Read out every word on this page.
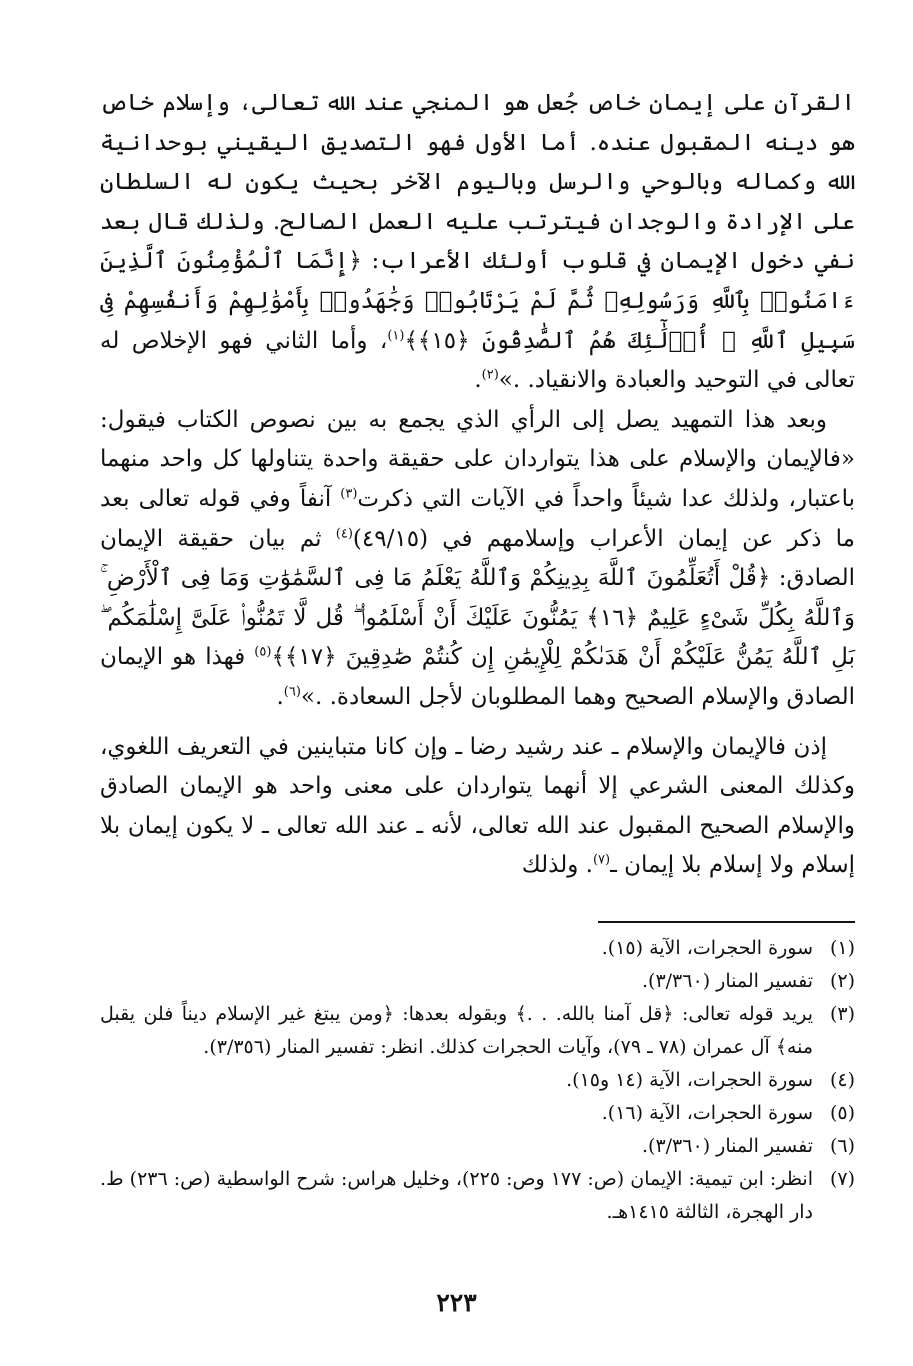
القرآن على إيمان خاص جُعل هو المنجي عند الله تعالى، وإسلام خاص هو دينه المقبول عنده. أما الأول فهو التصديق اليقيني بوحدانية الله وكماله وبالوحي والرسل وباليوم الآخر بحيث يكون له السلطان على الإرادة والوجدان فيترتب عليه العمل الصالح. ولذلك قال بعد نفي دخول الإيمان في قلوب أولئك الأعراب: ﴿إِنَّمَا ٱلْمُؤْمِنُونَ ٱلَّذِينَ ءَامَنُوا۟ بِٱللَّهِ وَرَسُولِهِۦ ثُمَّ لَمْ يَرْتَابُوا۟ وَجَٰهَدُوا۟ بِأَمْوَٰلِهِمْ وَأَنفُسِهِمْ فِى سَبِيلِ ٱللَّهِ ۚ أُو۟لَٰٓئِكَ هُمُ ٱلصَّٰدِقُونَ ﴿١٥﴾﴾$^{(١)}$، وأما الثاني فهو الإخلاص له تعالى في التوحيد والعبادة والانقياد. .»$^{(٢)}$.

وبعد هذا التمهيد يصل إلى الرأي الذي يجمع به بين نصوص الكتاب فيقول: «فالإيمان والإسلام على هذا يتواردان على حقيقة واحدة يتناولها كل واحد منهما باعتبار، ولذلك عدا شيئاً واحداً في الآيات التي ذكرت$^{(٣)}$ آنفاً وفي قوله تعالى بعد ما ذكر عن إيمان الأعراب وإسلامهم في (٤٩/١٥)$^{(٤)}$ ثم بيان حقيقة الإيمان الصادق: ﴿قُلْ أَتُعَلِّمُونَ ٱللَّهَ بِدِينِكُمْ وَٱللَّهُ يَعْلَمُ مَا فِى ٱلسَّمَٰوَٰتِ وَمَا فِى ٱلْأَرْضِ ۚ وَٱللَّهُ بِكُلِّ شَىْءٍ عَلِيمٌ ﴿١٦﴾ يَمُنُّونَ عَلَيْكَ أَنْ أَسْلَمُوا۟ ۖ قُل لَّا تَمُنُّوا۟ عَلَىَّ إِسْلَٰمَكُم ۖ بَلِ ٱللَّهُ يَمُنُّ عَلَيْكُمْ أَنْ هَدَىٰكُمْ لِلْإِيمَٰنِ إِن كُنتُمْ صَٰدِقِينَ ﴿١٧﴾﴾$^{(٥)}$ فهذا هو الإيمان الصادق والإسلام الصحيح وهما المطلوبان لأجل السعادة. .»$^{(٦)}$.

إذن فالإيمان والإسلام ـ عند رشيد رضا ـ وإن كانا متباينين في التعريف اللغوي، وكذلك المعنى الشرعي إلا أنهما يتواردان على معنى واحد هو الإيمان الصادق والإسلام الصحيح المقبول عند الله تعالى، لأنه ـ عند الله تعالى ـ لا يكون إيمان بلا إسلام ولا إسلام بلا إيمان ـ$^{(٧)}$. ولذلك

(١)
سورة الحجرات، الآية (١٥).
(٢)
تفسير المنار (٣/٣٦٠).
(٣)
يريد قوله تعالى: ﴿قل آمنا بالله. . .﴾ وبقوله بعدها: ﴿ومن يبتغ غير الإسلام ديناً فلن يقبل منه﴾ آل عمران (٧٨ ـ ٧٩)، وآيات الحجرات كذلك. انظر: تفسير المنار (٣/٣٥٦).
(٤)
سورة الحجرات، الآية (١٤ و١٥).
(٥)
سورة الحجرات، الآية (١٦).
(٦)
تفسير المنار (٣/٣٦٠).
(٧)
انظر: ابن تيمية: الإيمان (ص: ١٧٧ وص: ٢٢٥)، وخليل هراس: شرح الواسطية (ص: ٢٣٦) ط. دار الهجرة، الثالثة ١٤١٥هـ.
٢٢٣
